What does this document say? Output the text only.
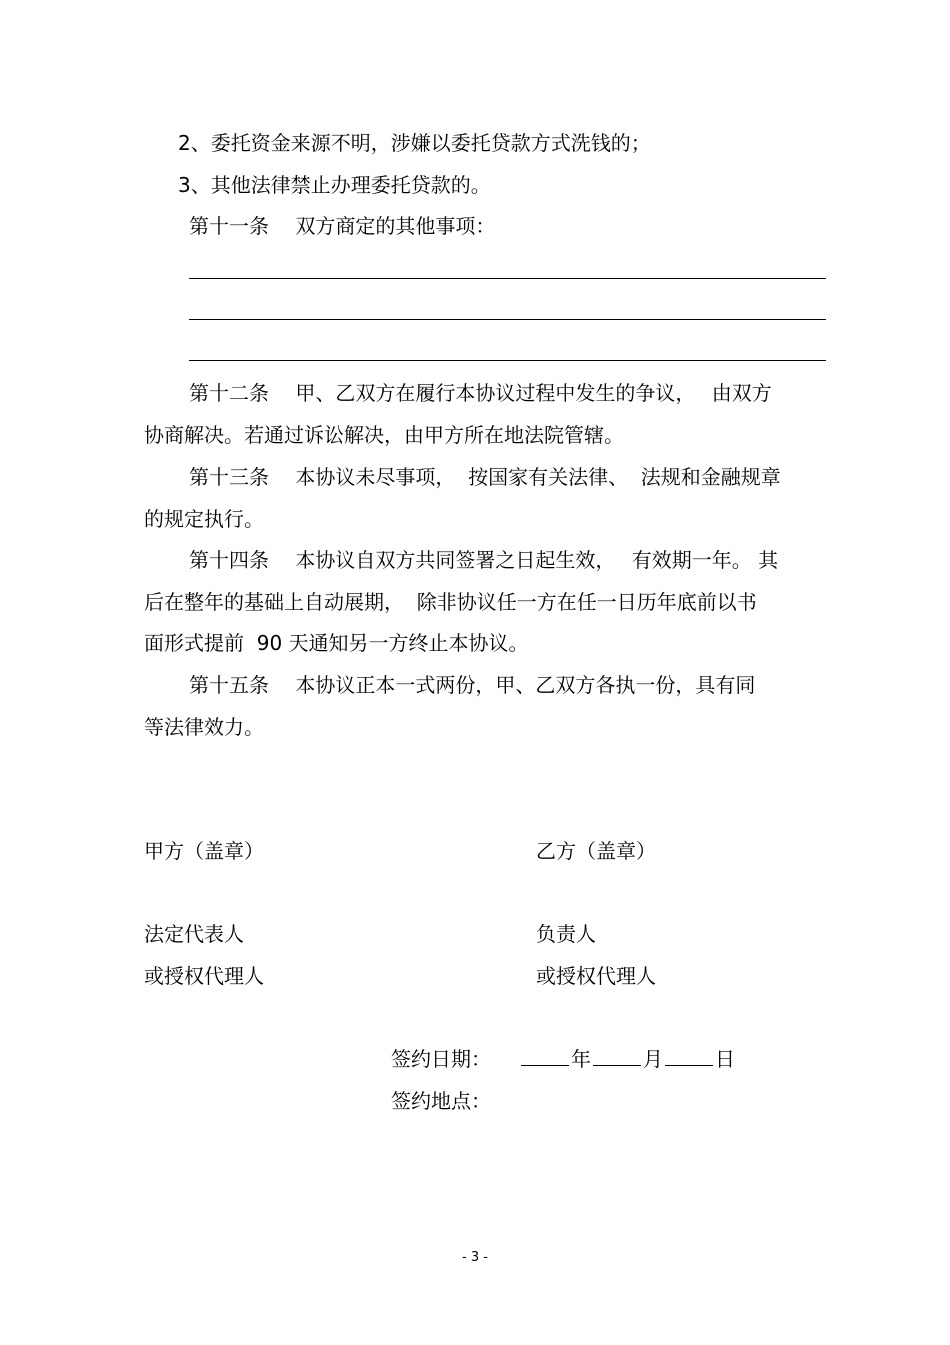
2、委托资金来源不明，涉嫌以委托贷款方式洗钱的；

3、其他法律禁止办理委托贷款的。

第十一条　 双方商定的其他事项：

第十二条　 甲、乙双方在履行本协议过程中发生的争议，　 由双方

协商解决。若通过诉讼解决，由甲方所在地法院管辖。

第十三条　 本协议未尽事项，  按国家有关法律、  法规和金融规章

的规定执行。

第十四条　 本协议自双方共同签署之日起生效，　 有效期一年。 其

后在整年的基础上自动展期，  除非协议任一方在任一日历年底前以书

面形式提前  90 天通知另一方终止本协议。

第十五条　 本协议正本一式两份，甲、乙双方各执一份，具有同

等法律效力。

甲方（盖章）	乙方（盖章）

法定代表人	负责人

或授权代理人	或授权代理人

签约日期：	年	月	日

签约地点：

- 3 -
